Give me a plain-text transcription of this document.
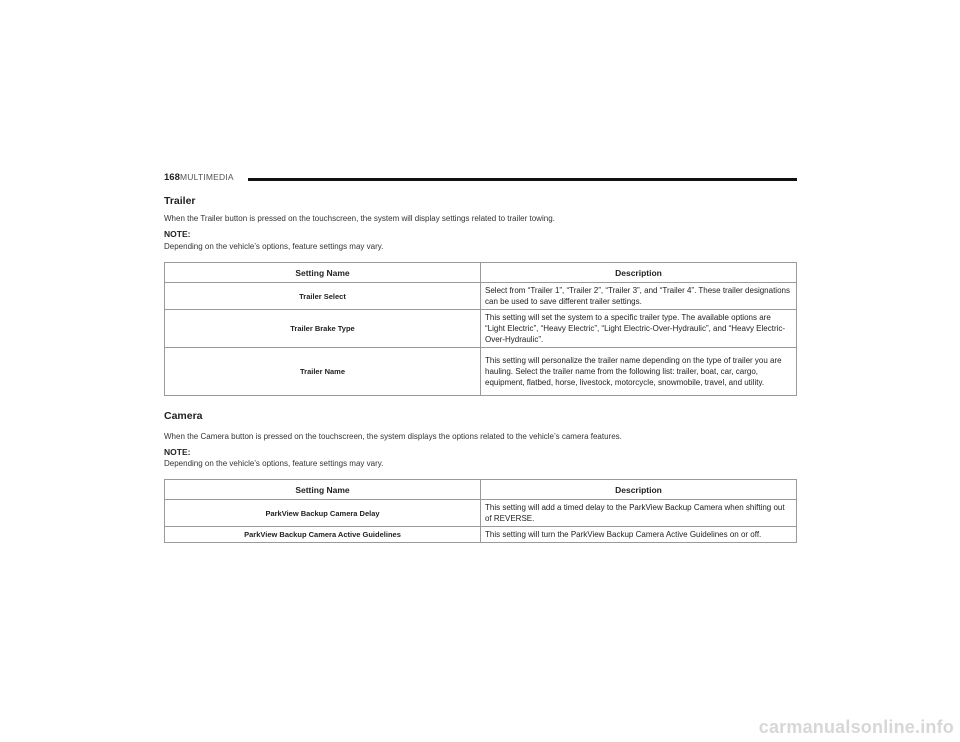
168 MULTIMEDIA
Trailer
When the Trailer button is pressed on the touchscreen, the system will display settings related to trailer towing.
NOTE:
Depending on the vehicle’s options, feature settings may vary.
Setting Name	Description
Trailer Select	Select from “Trailer 1”, “Trailer 2”, “Trailer 3”, and “Trailer 4”. These trailer designations can be used to save different trailer settings.
Trailer Brake Type	This setting will set the system to a specific trailer type. The available options are “Light Electric”, “Heavy Electric”, “Light Electric-Over-Hydraulic”, and “Heavy Electric-Over-Hydraulic”.
Trailer Name	This setting will personalize the trailer name depending on the type of trailer you are hauling. Select the trailer name from the following list: trailer, boat, car, cargo, equipment, flatbed, horse, livestock, motorcycle, snowmobile, travel, and utility.
Camera
When the Camera button is pressed on the touchscreen, the system displays the options related to the vehicle’s camera features.
NOTE:
Depending on the vehicle’s options, feature settings may vary.
Setting Name	Description
ParkView Backup Camera Delay	This setting will add a timed delay to the ParkView Backup Camera when shifting out of REVERSE.
ParkView Backup Camera Active Guidelines	This setting will turn the ParkView Backup Camera Active Guidelines on or off.
carmanualsonline.info
